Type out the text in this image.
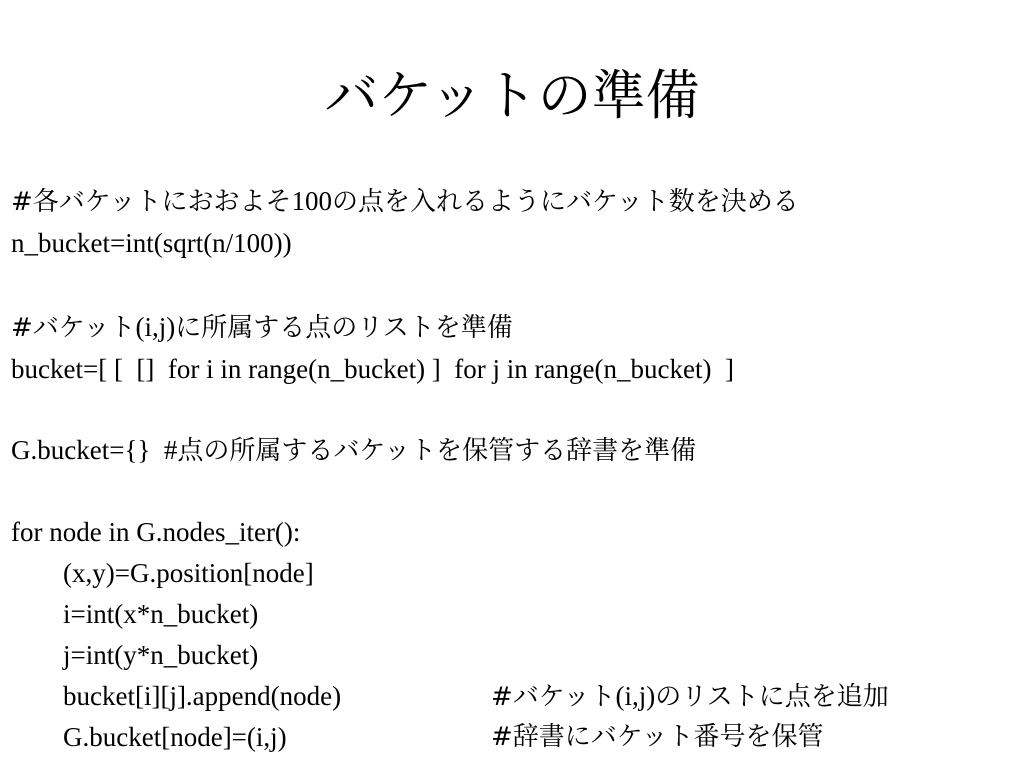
バケットの準備
#各バケットにおおよそ100の点を入れるようにバケット数を決める
n_bucket=int(sqrt(n/100))
#バケット(i,j)に所属する点のリストを準備
bucket=[ [  []  for i in range(n_bucket) ]  for j in range(n_bucket)  ]
G.bucket={}  #点の所属するバケットを保管する辞書を準備
for node in G.nodes_iter():
(x,y)=G.position[node]
i=int(x*n_bucket)
j=int(y*n_bucket)
bucket[i][j].append(node)	#バケット(i,j)のリストに点を追加
G.bucket[node]=(i,j)	#辞書にバケット番号を保管
